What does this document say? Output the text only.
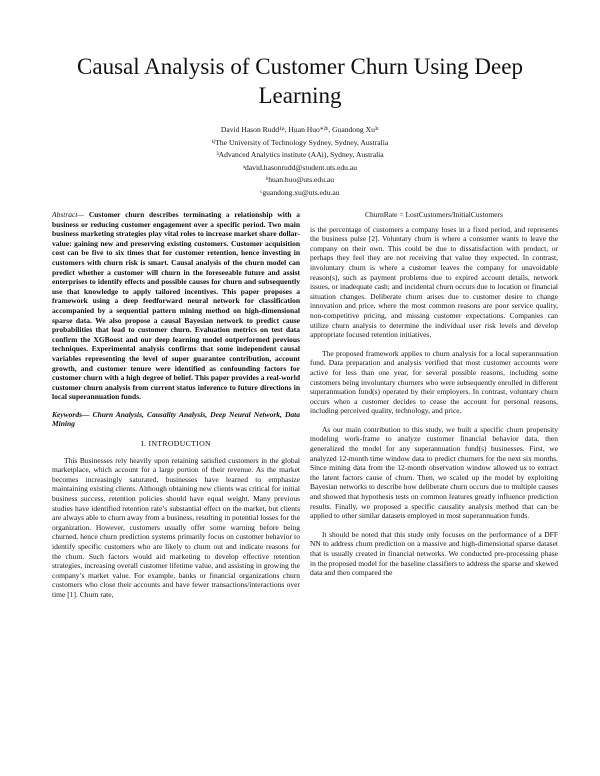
Causal Analysis of Customer Churn Using Deep Learning
David Hason Rudd¹ʲᵃ, Huan Huo*²ᵇ, Guandong Xu³ᶜ
¹ʲThe University of Technology Sydney, Sydney, Australia
³Advanced Analytics institute (AAi), Sydney, Australia
ᵃdavid.hasonrudd@student.uts.edu.au
ᵇhuan.huo@uts.edu.au
ᶜguandong.xu@uts.edu.au
Abstract— Customer churn describes terminating a relationship with a business or reducing customer engagement over a specific period. Two main business marketing strategies play vital roles to increase market share dollar-value: gaining new and preserving existing customers. Customer acquisition cost can be five to six times that for customer retention, hence investing in customers with churn risk is smart. Causal analysis of the churn model can predict whether a customer will churn in the foreseeable future and assist enterprises to identify effects and possible causes for churn and subsequently use that knowledge to apply tailored incentives. This paper proposes a framework using a deep feedforward neural network for classification accompanied by a sequential pattern mining method on high-dimensional sparse data. We also propose a causal Bayesian network to predict cause probabilities that lead to customer churn. Evaluation metrics on test data confirm the XGBoost and our deep learning model outperformed previous techniques. Experimental analysis confirms that some independent causal variables representing the level of super guarantee contribution, account growth, and customer tenure were identified as confounding factors for customer churn with a high degree of belief. This paper provides a real-world customer churn analysis from current status inference to future directions in local superannuation funds.
Keywords— Churn Analysis, Causality Analysis, Deep Neural Network, Data Mining
I. INTRODUCTION

This Businesses rely heavily upon retaining satisfied customers in the global marketplace, which account for a large portion of their revenue. As the market becomes increasingly saturated, businesses have learned to emphasize maintaining existing clients. Although obtaining new clients was critical for initial business success, retention policies should have equal weight. Many previous studies have identified retention rate’s substantial effect on the market, but clients are always able to churn away from a business, resulting in potential losses for the organization. However, customers usually offer some warning before being churned, hence churn prediction systems primarily focus on customer behavior to identify specific customers who are likely to churn out and indicate reasons for the churn. Such factors would aid marketing to develop effective retention strategies, increasing overall customer lifetime value, and assisting in growing the company’s market value. For example, banks or financial organizations churn customers who close their accounts and have fewer transactions/interactions over time [1]. Churn rate,

ChurnRate = LostCustomers/InitialCustomers

is the percentage of customers a company loses in a fixed period, and represents the business pulse [2]. Voluntary churn is where a consumer wants to leave the company on their own. This could be due to dissatisfaction with product, or perhaps they feel they are not receiving that value they expected. In contrast, involuntary churn is where a customer leaves the company for unavoidable reason(s), such as payment problems due to expired account details, network issues, or inadequate cash; and incidental churn occurs due to location or financial situation changes. Deliberate churn arises due to customer desire to change innovation and price, where the most common reasons are poor service quality, non-competitive pricing, and missing customer expectations. Companies can utilize churn analysis to determine the individual user risk levels and develop appropriate focused retention initiatives.

The proposed framework applies to churn analysis for a local superannuation fund. Data preparation and analysis verified that most customer accounts were active for less than one year, for several possible reasons, including some customers being involuntary churners who were subsequently enrolled in different superannuation fund(s) operated by their employers. In contrast, voluntary churn occurs when a customer decides to cease the account for personal reasons, including perceived quality, technology, and price.

As our main contribution to this study, we built a specific churn propensity modeling work-frame to analyze customer financial behavior data, then generalized the model for any superannuation fund(s) businesses. First, we analyzed 12-month time window data to predict churners for the next six months. Since mining data from the 12-month observation window allowed us to extract the latent factors cause of churn. Then, we scaled up the model by exploiting Bayesian networks to describe how deliberate churn occurs due to multiple causes and showed that hypothesis tests on common features greatly influence prediction results. Finally, we proposed a specific causality analysis method that can be applied to other similar datasets employed in most superannuation funds.

It should be noted that this study only focuses on the performance of a DFF NN to address churn prediction on a massive and high-dimensional sparse dataset that is usually created in financial networks. We conducted pre-processing phase in the proposed model for the baseline classifiers to address the sparse and skewed data and then compared the
